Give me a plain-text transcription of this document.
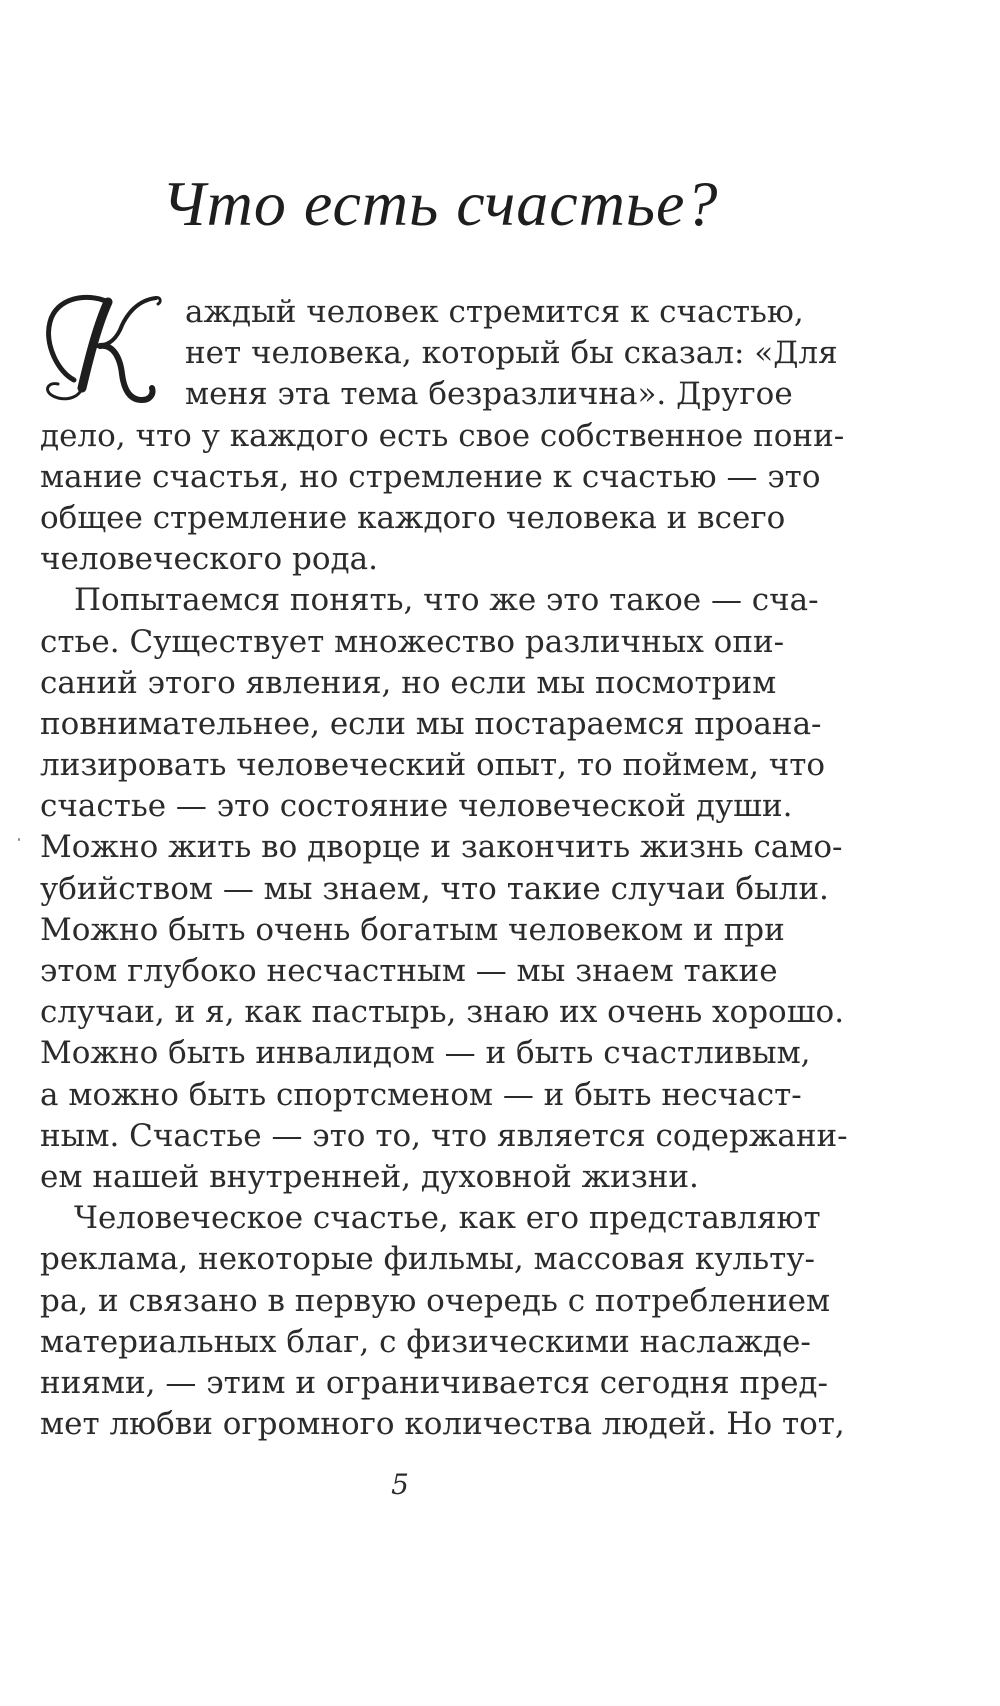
Что есть счастье?
К
аждый человек стремится к счастью,
нет человека, который бы сказал: «Для
меня эта тема безразлична». Другое
дело, что у каждого есть свое собственное пони-
мание счастья, но стремление к счастью — это
общее стремление каждого человека и всего
человеческого рода.
Попытаемся понять, что же это такое — сча-
стье. Существует множество различных опи-
саний этого явления, но если мы посмотрим
повнимательнее, если мы постараемся проана-
лизировать человеческий опыт, то поймем, что
счастье — это состояние человеческой души.
Можно жить во дворце и закончить жизнь само-
убийством — мы знаем, что такие случаи были.
Можно быть очень богатым человеком и при
этом глубоко несчастным — мы знаем такие
случаи, и я, как пастырь, знаю их очень хорошо.
Можно быть инвалидом — и быть счастливым,
а можно быть спортсменом — и быть несчаст-
ным. Счастье — это то, что является содержани-
ем нашей внутренней, духовной жизни.
Человеческое счастье, как его представляют
реклама, некоторые фильмы, массовая культу-
ра, и связано в первую очередь с потреблением
материальных благ, с физическими наслажде-
ниями, — этим и ограничивается сегодня пред-
мет любви огромного количества людей. Но тот,
5
